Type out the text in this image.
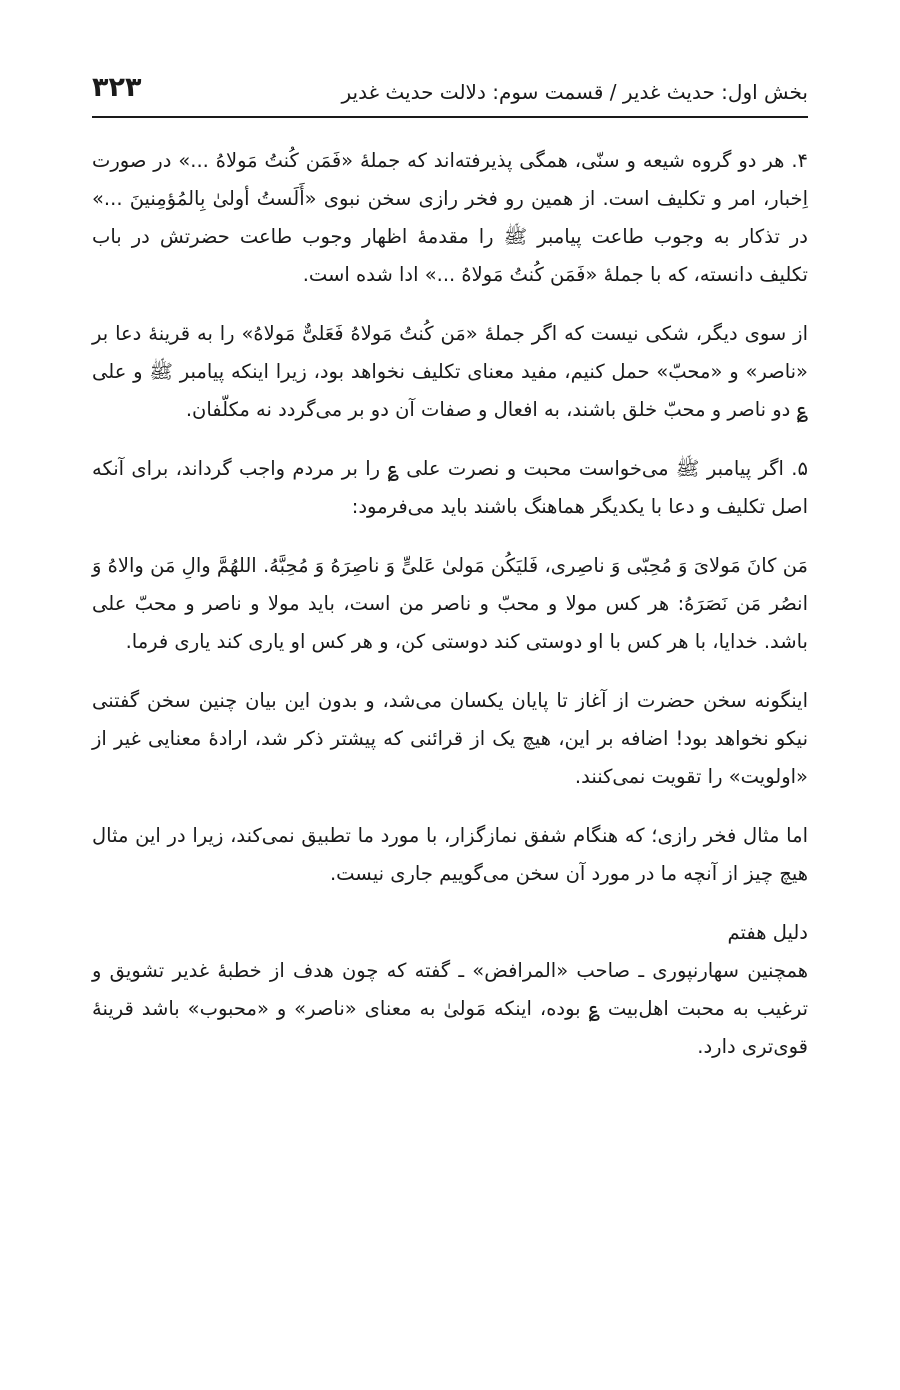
بخش اول: حدیث غدیر / قسمت سوم: دلالت حدیث غدیر
۳۲۳

۴. هر دو گروه شیعه و سنّی، همگی پذیرفته‌اند که جملهٔ «فَمَن کُنتُ مَولاهُ ...» در صورت اِخبار، امر و تکلیف است. از همین رو فخر رازی سخن نبوی «أَلَستُ أولیٰ بِالمُؤمِنینَ ...» در تذکار به وجوب طاعت پیامبر ﷺ را مقدمهٔ اظهار وجوب طاعت حضرتش در باب تکلیف دانسته، که با جملهٔ «فَمَن کُنتُ مَولاهُ ...» ادا شده است.

از سوی دیگر، شکی نیست که اگر جملهٔ «مَن کُنتُ مَولاهُ فَعَلیٌّ مَولاهُ» را به قرینهٔ دعا بر «ناصر» و «محبّ» حمل کنیم، مفید معنای تکلیف نخواهد بود، زیرا اینکه پیامبر ﷺ و علی ؏ دو ناصر و محبّ خلق باشند، به افعال و صفات آن دو بر می‌گردد نه مکلّفان.

۵. اگر پیامبر ﷺ می‌خواست محبت و نصرت علی ؏ را بر مردم واجب گرداند، برای آنکه اصل تکلیف و دعا با یکدیگر هماهنگ باشند باید می‌فرمود:

مَن کانَ مَولایَ وَ مُحِبّی وَ ناصِری، فَلیَکُن مَولیٰ عَلیٍّ وَ ناصِرَهُ وَ مُحِبَّهُ. اللهُمَّ والِ مَن والاهُ وَ انصُر مَن نَصَرَهُ: هر کس مولا و محبّ و ناصر من است، باید مولا و ناصر و محبّ علی باشد. خدایا، با هر کس با او دوستی کند دوستی کن، و هر کس او یاری کند یاری فرما.

اینگونه سخن حضرت از آغاز تا پایان یکسان می‌شد، و بدون این بیان چنین سخن گفتنی نیکو نخواهد بود! اضافه بر این، هیچ یک از قرائنی که پیشتر ذکر شد، ارادهٔ معنایی غیر از «اولویت» را تقویت نمی‌کنند.

اما مثال فخر رازی؛ که هنگام شفق نمازگزار، با مورد ما تطبیق نمی‌کند، زیرا در این مثال هیچ چیز از آنچه ما در مورد آن سخن می‌گوییم جاری نیست.

دلیل هفتم

همچنین سهارنپوری ـ صاحب «المرافض» ـ گفته که چون هدف از خطبهٔ غدیر تشویق و ترغیب به محبت اهل‌بیت ؏ بوده، اینکه مَولیٰ به معنای «ناصر» و «محبوب» باشد قرینهٔ قوی‌تری دارد.
